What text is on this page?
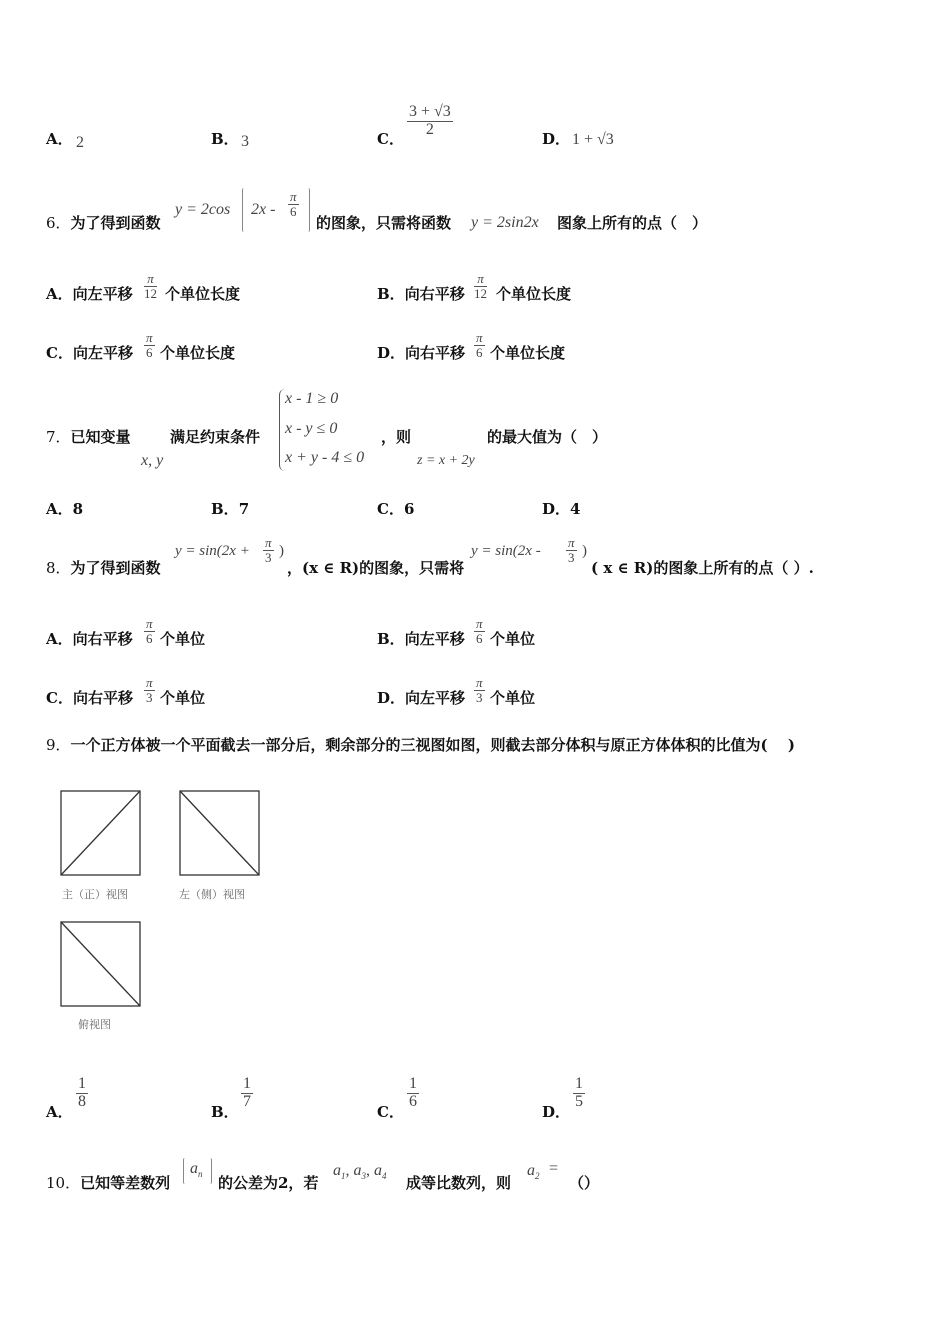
A． 2	B． 3	C．
$\frac{3 + √3}{2}$
D． 1 + √3
6．为了得到函数
y = 2cos $2x - \frac{\pi}{6}$
的图象，只需将函数 y = 2sin2x 图象上所有的点（　）
A．向左平移 $\frac{\pi}{12}$ 个单位长度	B．向右平移 $\frac{\pi}{12}$ 个单位长度
C．向左平移 $\frac{\pi}{6}$ 个单位长度	D．向右平移 $\frac{\pi}{6}$ 个单位长度
7．已知变量
x, y
满足约束条件
x - 1 ≥ 0
x - y ≤ 0
x + y - 4 ≤ 0
，则
z = x + 2y
的最大值为（　）
A．8	B．7	C．6	D．4
8．为了得到函数
$y = \sin(2x + \frac{\pi}{3}$ )
，(x ∈ R)的图象，只需将
$y = \sin(2x - \frac{\pi}{3}$ )
( x ∈ R)的图象上所有的点（ ）.
A．向右平移 $\frac{\pi}{6}$ 个单位	B．向左平移 $\frac{\pi}{6}$ 个单位
C．向右平移 $\frac{\pi}{3}$ 个单位	D．向左平移 $\frac{\pi}{3}$ 个单位
9．一个正方体被一个平面截去一部分后，剩余部分的三视图如图，则截去部分体积与原正方体体积的比值为(　 )
主（正）视图	左（侧）视图
俯视图
A．
$\frac{1}{8}$
B．
$\frac{1}{7}$
C．
$\frac{1}{6}$
D．
$\frac{1}{5}$
10．已知等差数列
$a_n$ 的公差为2，若
$a_1$, $a_3$, $a_4$ 成等比数列，则
$a_2$ =
（）
